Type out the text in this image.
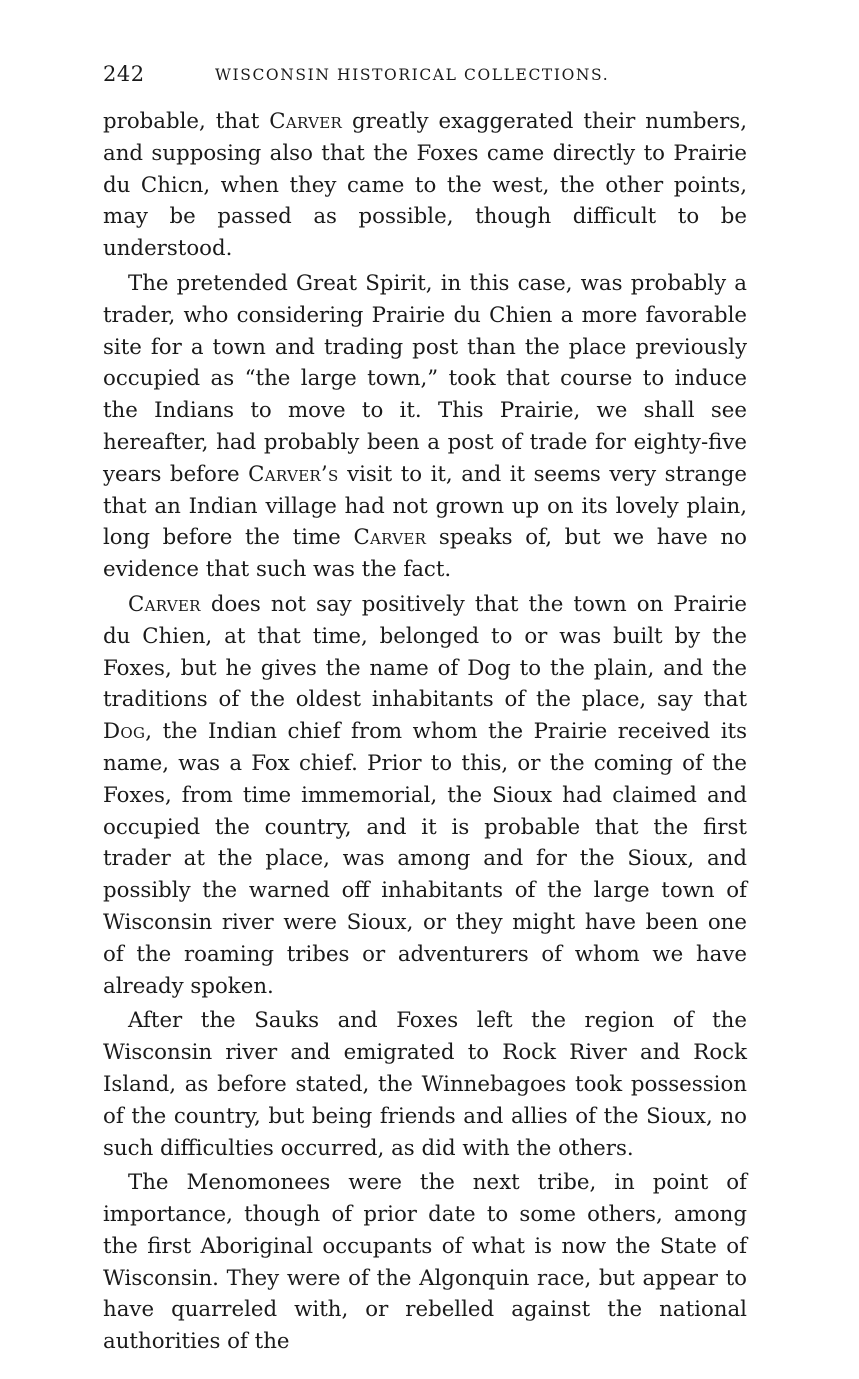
242	WISCONSIN HISTORICAL COLLECTIONS.

probable, that Carver greatly exaggerated their numbers, and supposing also that the Foxes came directly to Prairie du Chicn, when they came to the west, the other points, may be passed as possible, though difficult to be understood.

The pretended Great Spirit, in this case, was probably a trader, who considering Prairie du Chien a more favorable site for a town and trading post than the place previously occupied as “the large town,” took that course to induce the Indians to move to it. This Prairie, we shall see hereafter, had probably been a post of trade for eighty-five years before Carver’s visit to it, and it seems very strange that an Indian village had not grown up on its lovely plain, long before the time Carver speaks of, but we have no evidence that such was the fact.

Carver does not say positively that the town on Prairie du Chien, at that time, belonged to or was built by the Foxes, but he gives the name of Dog to the plain, and the traditions of the oldest inhabitants of the place, say that Dog, the Indian chief from whom the Prairie received its name, was a Fox chief. Prior to this, or the coming of the Foxes, from time immemorial, the Sioux had claimed and occupied the country, and it is probable that the first trader at the place, was among and for the Sioux, and possibly the warned off inhabitants of the large town of Wisconsin river were Sioux, or they might have been one of the roaming tribes or adventurers of whom we have already spoken.

After the Sauks and Foxes left the region of the Wisconsin river and emigrated to Rock River and Rock Island, as before stated, the Winnebagoes took possession of the country, but being friends and allies of the Sioux, no such difficulties occurred, as did with the others.

The Menomonees were the next tribe, in point of importance, though of prior date to some others, among the first Aboriginal occupants of what is now the State of Wisconsin. They were of the Algonquin race, but appear to have quarreled with, or rebelled against the national authorities of the
